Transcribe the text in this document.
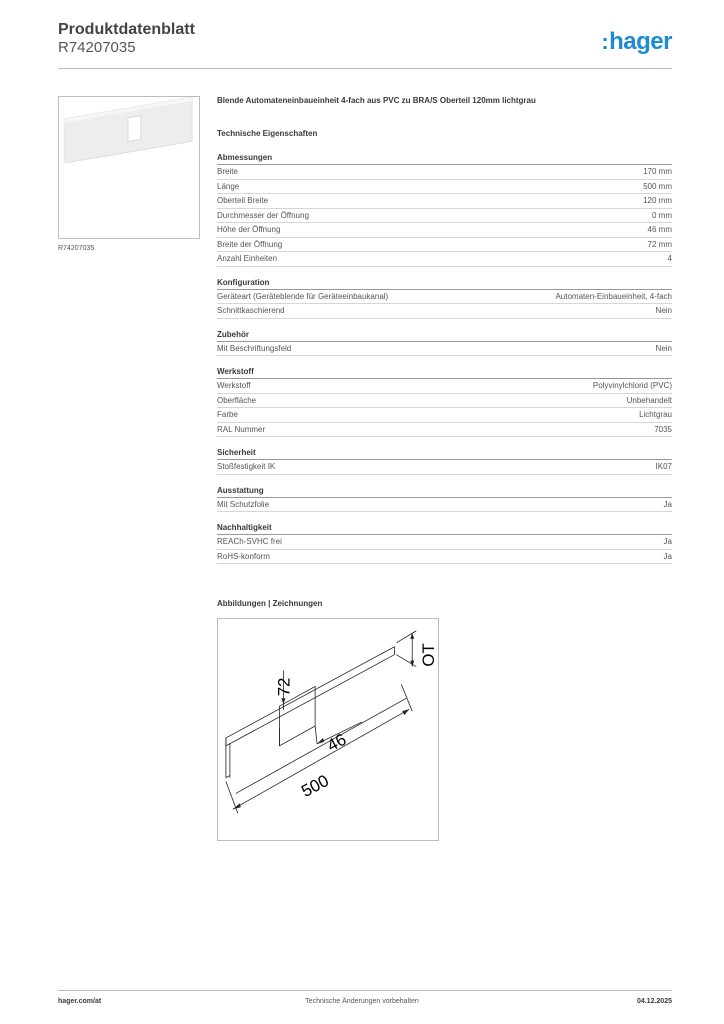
Produktdatenblatt
R74207035	:hager
R74207035
Blende Automateneinbaueinheit 4-fach aus PVC zu BRA/S Oberteil 120mm lichtgrau
Technische Eigenschaften
Abmessungen
Breite	170 mm
Länge	500 mm
Oberteil Breite	120 mm
Durchmesser der Öffnung	0 mm
Höhe der Öffnung	46 mm
Breite der Öffnung	72 mm
Anzahl Einheiten	4
Konfiguration
Geräteart (Geräteblende für Geräteeinbaukanal)	Automaten-Einbaueinheit, 4-fach
Schnittkaschierend	Nein
Zubehör
Mit Beschriftungsfeld	Nein
Werkstoff
Werkstoff	Polyvinylchlorid (PVC)
Oberfläche	Unbehandelt
Farbe	Lichtgrau
RAL Nummer	7035
Sicherheit
Stoßfestigkeit IK	IK07
Ausstattung
Mit Schutzfolie	Ja
Nachhaltigkeit
REACh-SVHC frei	Ja
RoHS-konform	Ja
Abbildungen | Zeichnungen
72
46
500
OT
hager.com/at	Technische Änderungen vorbehalten	04.12.2025
